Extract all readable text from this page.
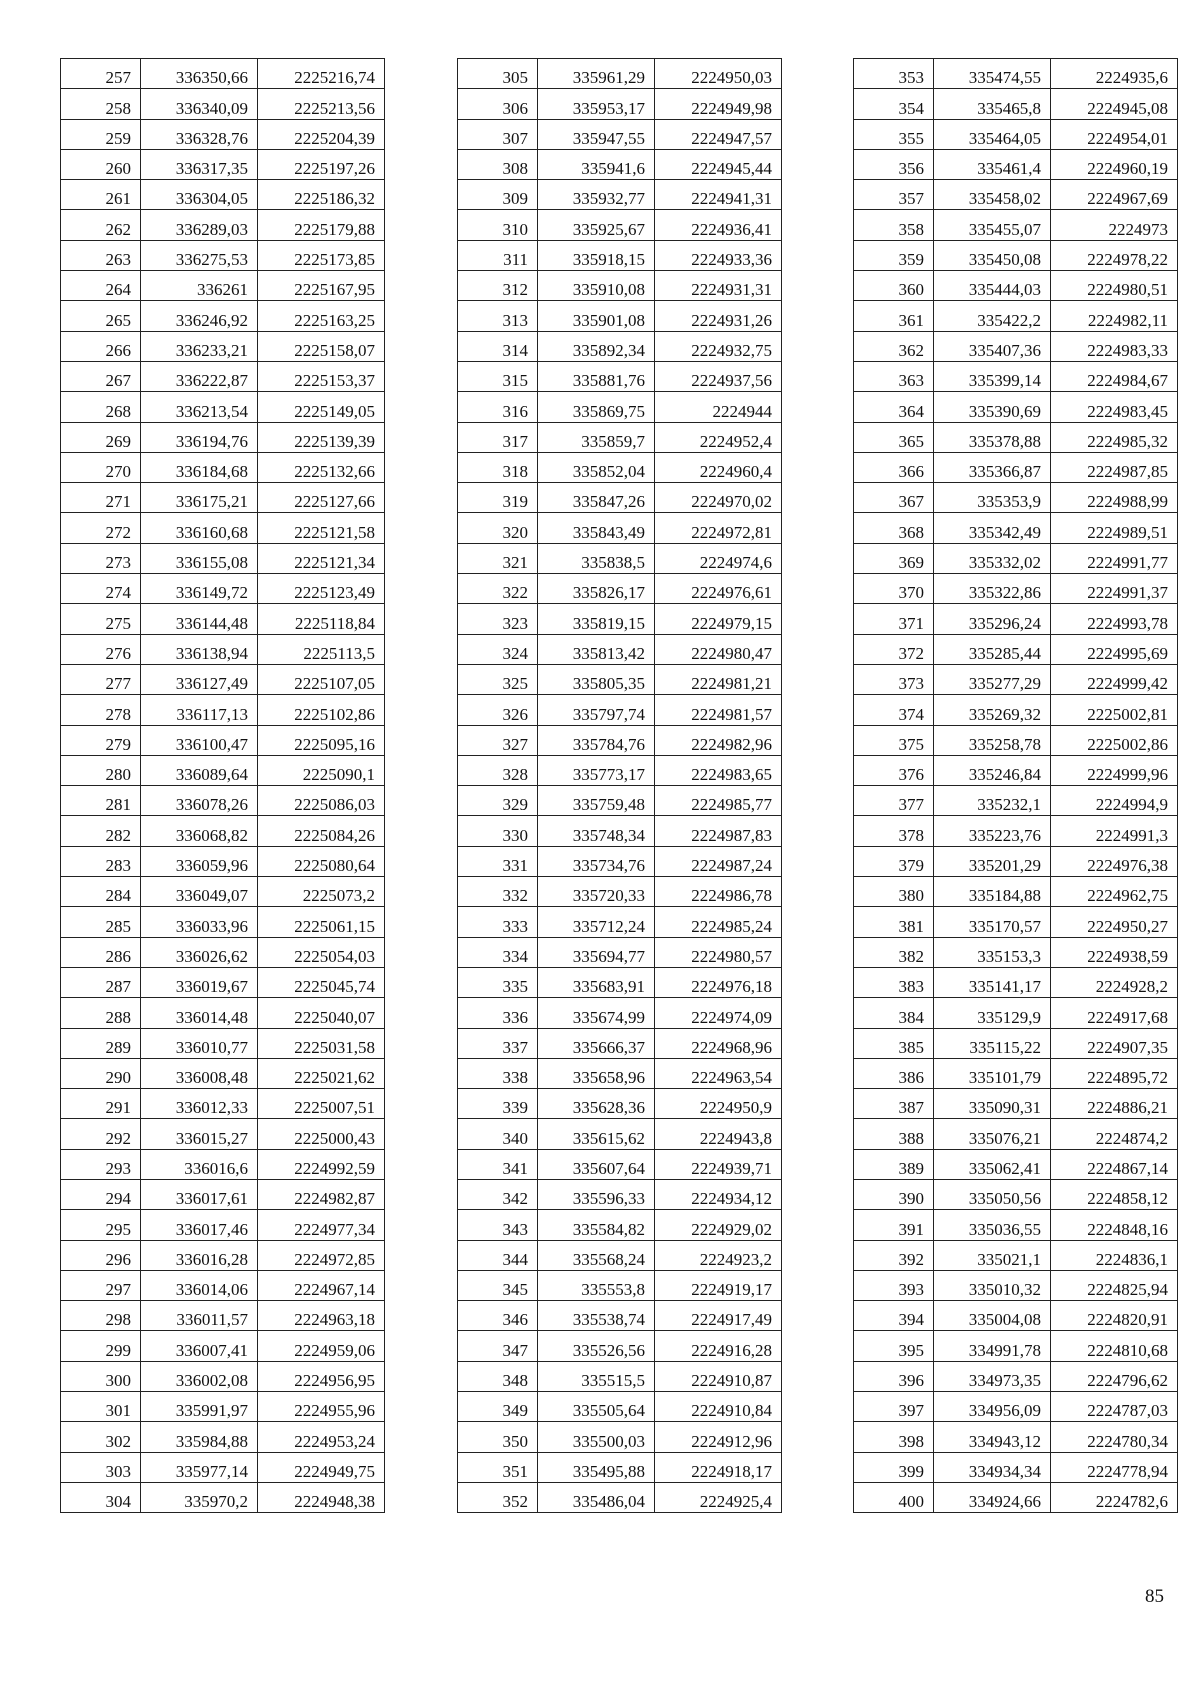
257	336350,66	2225216,74
258	336340,09	2225213,56
259	336328,76	2225204,39
260	336317,35	2225197,26
261	336304,05	2225186,32
262	336289,03	2225179,88
263	336275,53	2225173,85
264	336261	2225167,95
265	336246,92	2225163,25
266	336233,21	2225158,07
267	336222,87	2225153,37
268	336213,54	2225149,05
269	336194,76	2225139,39
270	336184,68	2225132,66
271	336175,21	2225127,66
272	336160,68	2225121,58
273	336155,08	2225121,34
274	336149,72	2225123,49
275	336144,48	2225118,84
276	336138,94	2225113,5
277	336127,49	2225107,05
278	336117,13	2225102,86
279	336100,47	2225095,16
280	336089,64	2225090,1
281	336078,26	2225086,03
282	336068,82	2225084,26
283	336059,96	2225080,64
284	336049,07	2225073,2
285	336033,96	2225061,15
286	336026,62	2225054,03
287	336019,67	2225045,74
288	336014,48	2225040,07
289	336010,77	2225031,58
290	336008,48	2225021,62
291	336012,33	2225007,51
292	336015,27	2225000,43
293	336016,6	2224992,59
294	336017,61	2224982,87
295	336017,46	2224977,34
296	336016,28	2224972,85
297	336014,06	2224967,14
298	336011,57	2224963,18
299	336007,41	2224959,06
300	336002,08	2224956,95
301	335991,97	2224955,96
302	335984,88	2224953,24
303	335977,14	2224949,75
304	335970,2	2224948,38
305	335961,29	2224950,03
306	335953,17	2224949,98
307	335947,55	2224947,57
308	335941,6	2224945,44
309	335932,77	2224941,31
310	335925,67	2224936,41
311	335918,15	2224933,36
312	335910,08	2224931,31
313	335901,08	2224931,26
314	335892,34	2224932,75
315	335881,76	2224937,56
316	335869,75	2224944
317	335859,7	2224952,4
318	335852,04	2224960,4
319	335847,26	2224970,02
320	335843,49	2224972,81
321	335838,5	2224974,6
322	335826,17	2224976,61
323	335819,15	2224979,15
324	335813,42	2224980,47
325	335805,35	2224981,21
326	335797,74	2224981,57
327	335784,76	2224982,96
328	335773,17	2224983,65
329	335759,48	2224985,77
330	335748,34	2224987,83
331	335734,76	2224987,24
332	335720,33	2224986,78
333	335712,24	2224985,24
334	335694,77	2224980,57
335	335683,91	2224976,18
336	335674,99	2224974,09
337	335666,37	2224968,96
338	335658,96	2224963,54
339	335628,36	2224950,9
340	335615,62	2224943,8
341	335607,64	2224939,71
342	335596,33	2224934,12
343	335584,82	2224929,02
344	335568,24	2224923,2
345	335553,8	2224919,17
346	335538,74	2224917,49
347	335526,56	2224916,28
348	335515,5	2224910,87
349	335505,64	2224910,84
350	335500,03	2224912,96
351	335495,88	2224918,17
352	335486,04	2224925,4
353	335474,55	2224935,6
354	335465,8	2224945,08
355	335464,05	2224954,01
356	335461,4	2224960,19
357	335458,02	2224967,69
358	335455,07	2224973
359	335450,08	2224978,22
360	335444,03	2224980,51
361	335422,2	2224982,11
362	335407,36	2224983,33
363	335399,14	2224984,67
364	335390,69	2224983,45
365	335378,88	2224985,32
366	335366,87	2224987,85
367	335353,9	2224988,99
368	335342,49	2224989,51
369	335332,02	2224991,77
370	335322,86	2224991,37
371	335296,24	2224993,78
372	335285,44	2224995,69
373	335277,29	2224999,42
374	335269,32	2225002,81
375	335258,78	2225002,86
376	335246,84	2224999,96
377	335232,1	2224994,9
378	335223,76	2224991,3
379	335201,29	2224976,38
380	335184,88	2224962,75
381	335170,57	2224950,27
382	335153,3	2224938,59
383	335141,17	2224928,2
384	335129,9	2224917,68
385	335115,22	2224907,35
386	335101,79	2224895,72
387	335090,31	2224886,21
388	335076,21	2224874,2
389	335062,41	2224867,14
390	335050,56	2224858,12
391	335036,55	2224848,16
392	335021,1	2224836,1
393	335010,32	2224825,94
394	335004,08	2224820,91
395	334991,78	2224810,68
396	334973,35	2224796,62
397	334956,09	2224787,03
398	334943,12	2224780,34
399	334934,34	2224778,94
400	334924,66	2224782,6
85
